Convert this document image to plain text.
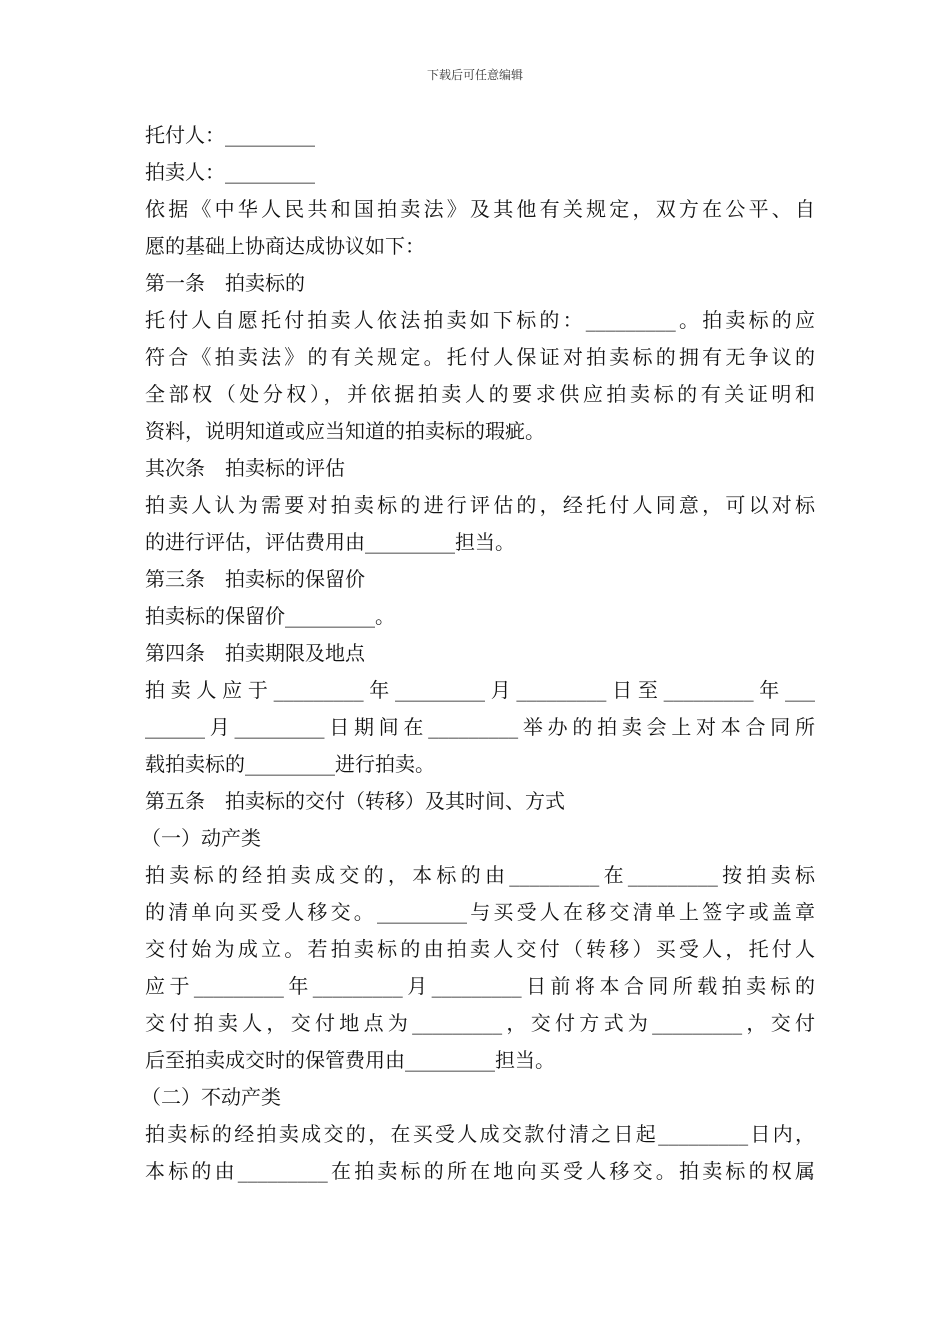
下载后可任意编辑
托付人：_________
拍卖人：_________
依据《中华人民共和国拍卖法》及其他有关规定，双方在公平、自
愿的基础上协商达成协议如下：
第一条　拍卖标的
托付人自愿托付拍卖人依法拍卖如下标的：_________。拍卖标的应
符合《拍卖法》的有关规定。托付人保证对拍卖标的拥有无争议的
全部权（处分权），并依据拍卖人的要求供应拍卖标的有关证明和
资料，说明知道或应当知道的拍卖标的瑕疵。
其次条　拍卖标的评估
拍卖人认为需要对拍卖标的进行评估的，经托付人同意，可以对标
的进行评估，评估费用由_________担当。
第三条　拍卖标的保留价
拍卖标的保留价_________。
第四条　拍卖期限及地点
拍卖人应于_________年_________月_________日至_________年___
______月_________日期间在_________举办的拍卖会上对本合同所
载拍卖标的_________进行拍卖。
第五条　拍卖标的交付（转移）及其时间、方式
（一）动产类
拍卖标的经拍卖成交的，本标的由_________在_________按拍卖标
的清单向买受人移交。_________与买受人在移交清单上签字或盖章
交付始为成立。若拍卖标的由拍卖人交付（转移）买受人，托付人
应于_________年_________月_________日前将本合同所载拍卖标的
交付拍卖人，交付地点为_________，交付方式为_________，交付
后至拍卖成交时的保管费用由_________担当。
（二）不动产类
拍卖标的经拍卖成交的，在买受人成交款付清之日起_________日内，
本标的由_________在拍卖标的所在地向买受人移交。拍卖标的权属
